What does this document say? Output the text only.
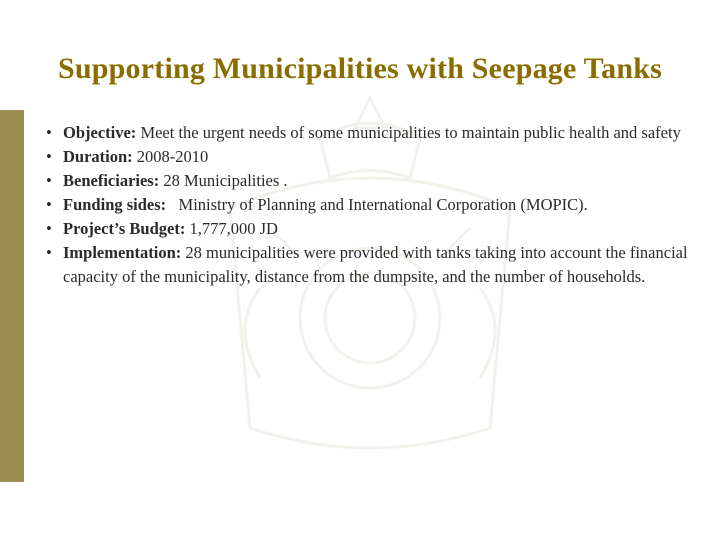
Supporting Municipalities with Seepage Tanks
• Objective: Meet the urgent needs of some municipalities to maintain public health and safety
• Duration: 2008-2010
• Beneficiaries: 28 Municipalities .
• Funding sides:   Ministry of Planning and International Corporation (MOPIC).
• Project’s Budget: 1,777,000 JD
• Implementation: 28 municipalities were provided with tanks taking into account the financial capacity of the municipality, distance from the dumpsite, and the number of households.
